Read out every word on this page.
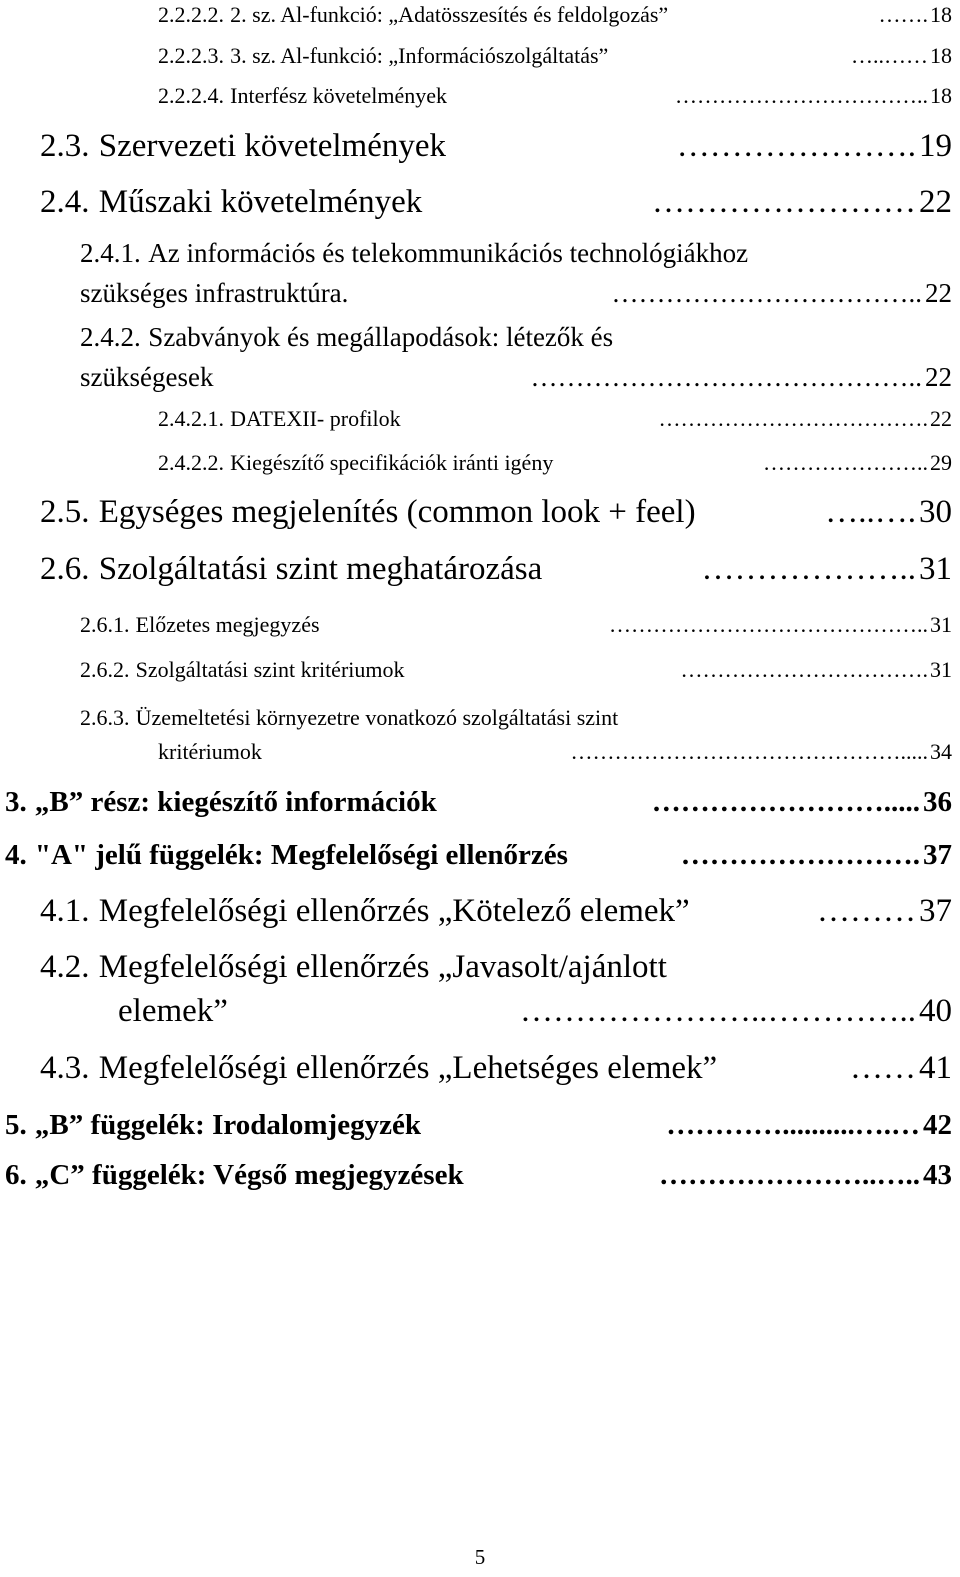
2.2.2.2. 2. sz. Al-funkció: „Adatösszesítés és feldolgozás”	……. 18
2.2.2.3. 3. sz. Al-funkció: „Információszolgáltatás”	…..…… 18
2.2.2.4. Interfész követelmények	…………………………….. 18
2.3. Szervezeti követelmények	…………………. 19
2.4. Műszaki követelmények	…………………… 22
2.4.1. Az információs és telekommunikációs technológiákhoz
szükséges infrastruktúra.	…………………………….. 22
2.4.2. Szabványok és megállapodások: létezők és
szükségesek	…………………………………….. 22
2.4.2.1. DATEXII- profilok	………………………………. 22
2.4.2.2. Kiegészítő specifikációk iránti igény	………………….. 29
2.5. Egységes megjelenítés (common look + feel)	…..…. 30
2.6. Szolgáltatási szint meghatározása	……………….. 31
2.6.1. Előzetes megjegyzés	…………………………………….. 31
2.6.2. Szolgáltatási szint kritériumok	……………………………. 31
2.6.3. Üzemeltetési környezetre vonatkozó szolgáltatási szint
kritériumok	………………………………………..... 34
3. „B” rész: kiegészítő információk	……………………..... 36
4. "A" jelű függelék: Megfelelőségi ellenőrzés	……………………. 37
4.1. Megfelelőségi ellenőrzés „Kötelező elemek”	……… 37
4.2. Megfelelőségi ellenőrzés „Javasolt/ajánlott
elemek”	…………………..………….. 40
4.3. Megfelelőségi ellenőrzés „Lehetséges elemek”	…… 41
5. „B” függelék: Irodalomjegyzék	…………..........….… 42
6. „C” függelék: Végső megjegyzések	…………………..….. 43
5
